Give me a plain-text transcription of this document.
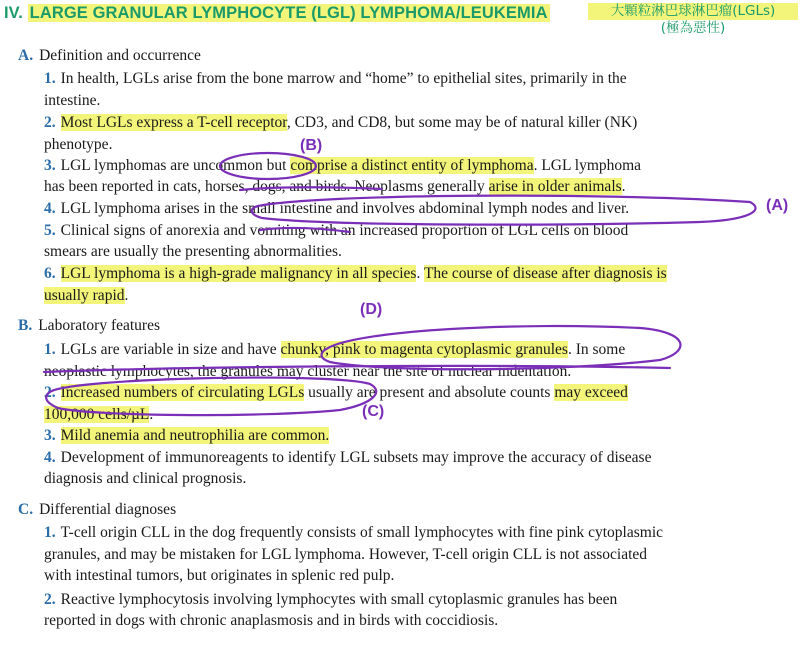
IV. LARGE GRANULAR LYMPHOCYTE (LGL) LYMPHOMA/LEUKEMIA	大顆粒淋巴球淋巴瘤(LGLs)
(極為惡性)
A. Definition and occurrence
1. In health, LGLs arise from the bone marrow and “home” to epithelial sites, primarily in the
intestine.
2. Most LGLs express a T-cell receptor, CD3, and CD8, but some may be of natural killer (NK)
phenotype.
3. LGL lymphomas are uncommon but comprise a distinct entity of lymphoma. LGL lymphoma
has been reported in cats, horses, dogs, and birds. Neoplasms generally arise in older animals.
4. LGL lymphoma arises in the small intestine and involves abdominal lymph nodes and liver.
5. Clinical signs of anorexia and vomiting with an increased proportion of LGL cells on blood
smears are usually the presenting abnormalities.
6. LGL lymphoma is a high-grade malignancy in all species. The course of disease after diagnosis is
usually rapid.
B. Laboratory features
1. LGLs are variable in size and have chunky, pink to magenta cytoplasmic granules. In some
neoplastic lymphocytes, the granules may cluster near the site of nuclear indentation.
2. Increased numbers of circulating LGLs usually are present and absolute counts may exceed
100,000 cells/µL.
3. Mild anemia and neutrophilia are common.
4. Development of immunoreagents to identify LGL subsets may improve the accuracy of disease
diagnosis and clinical prognosis.
C. Differential diagnoses
1. T-cell origin CLL in the dog frequently consists of small lymphocytes with fine pink cytoplasmic
granules, and may be mistaken for LGL lymphoma. However, T-cell origin CLL is not associated
with intestinal tumors, but originates in splenic red pulp.
2. Reactive lymphocytosis involving lymphocytes with small cytoplasmic granules has been
reported in dogs with chronic anaplasmosis and in birds with coccidiosis.
(B)
(A)
(D)
(C)
